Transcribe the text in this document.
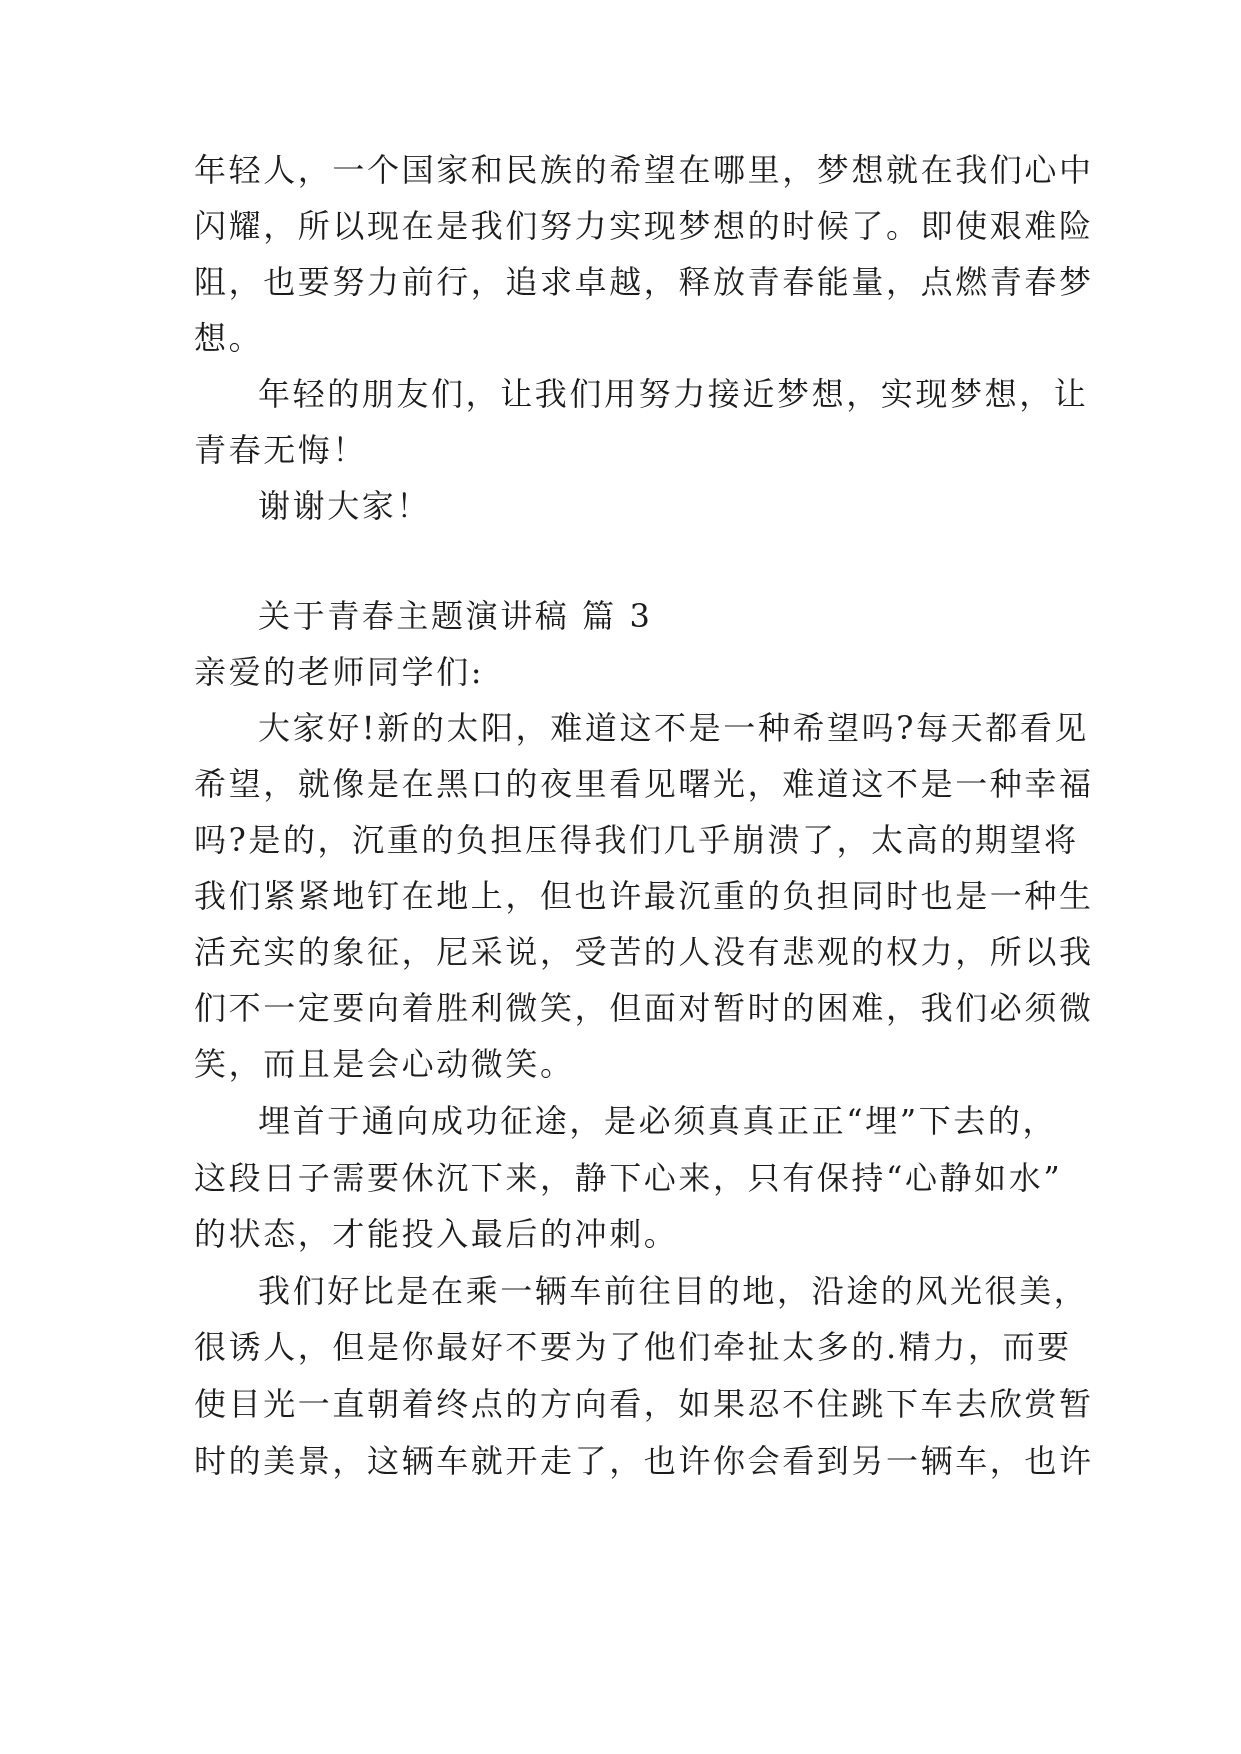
年轻人，一个国家和民族的希望在哪里，梦想就在我们心中
闪耀，所以现在是我们努力实现梦想的时候了。即使艰难险
阻，也要努力前行，追求卓越，释放青春能量，点燃青春梦
想。
年轻的朋友们，让我们用努力接近梦想，实现梦想，让
青春无悔！
谢谢大家！
关于青春主题演讲稿 篇 3
亲爱的老师同学们:
大家好!新的太阳，难道这不是一种希望吗?每天都看见
希望，就像是在黑口的夜里看见曙光，难道这不是一种幸福
吗?是的，沉重的负担压得我们几乎崩溃了，太高的期望将
我们紧紧地钉在地上，但也许最沉重的负担同时也是一种生
活充实的象征，尼采说，受苦的人没有悲观的权力，所以我
们不一定要向着胜利微笑，但面对暂时的困难，我们必须微
笑，而且是会心动微笑。
埋首于通向成功征途，是必须真真正正“埋”下去的，
这段日子需要休沉下来，静下心来，只有保持“心静如水”
的状态，才能投入最后的冲刺。
我们好比是在乘一辆车前往目的地，沿途的风光很美，
很诱人，但是你最好不要为了他们牵扯太多的.精力，而要
使目光一直朝着终点的方向看，如果忍不住跳下车去欣赏暂
时的美景，这辆车就开走了，也许你会看到另一辆车，也许
